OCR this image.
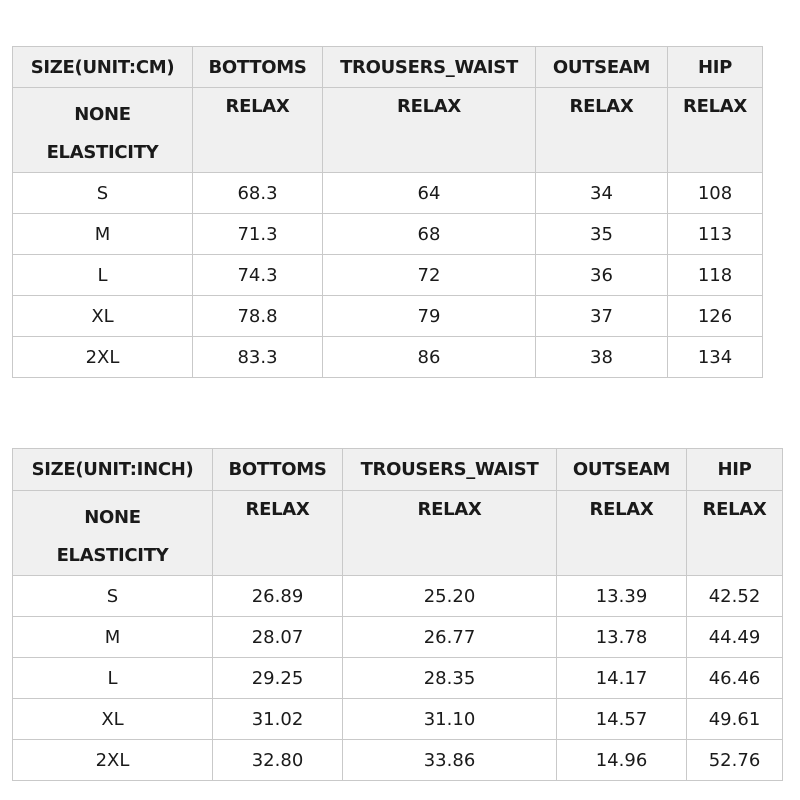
SIZE(UNIT:CM)	BOTTOMS	TROUSERS_WAIST	OUTSEAM	HIP

NONE
ELASTICITY	RELAX	RELAX	RELAX	RELAX
S	68.3	64	34	108
M	71.3	68	35	113
L	74.3	72	36	118
XL	78.8	79	37	126
2XL	83.3	86	38	134
SIZE(UNIT:INCH)	BOTTOMS	TROUSERS_WAIST	OUTSEAM	HIP

NONE
ELASTICITY	RELAX	RELAX	RELAX	RELAX
S	26.89	25.20	13.39	42.52
M	28.07	26.77	13.78	44.49
L	29.25	28.35	14.17	46.46
XL	31.02	31.10	14.57	49.61
2XL	32.80	33.86	14.96	52.76
